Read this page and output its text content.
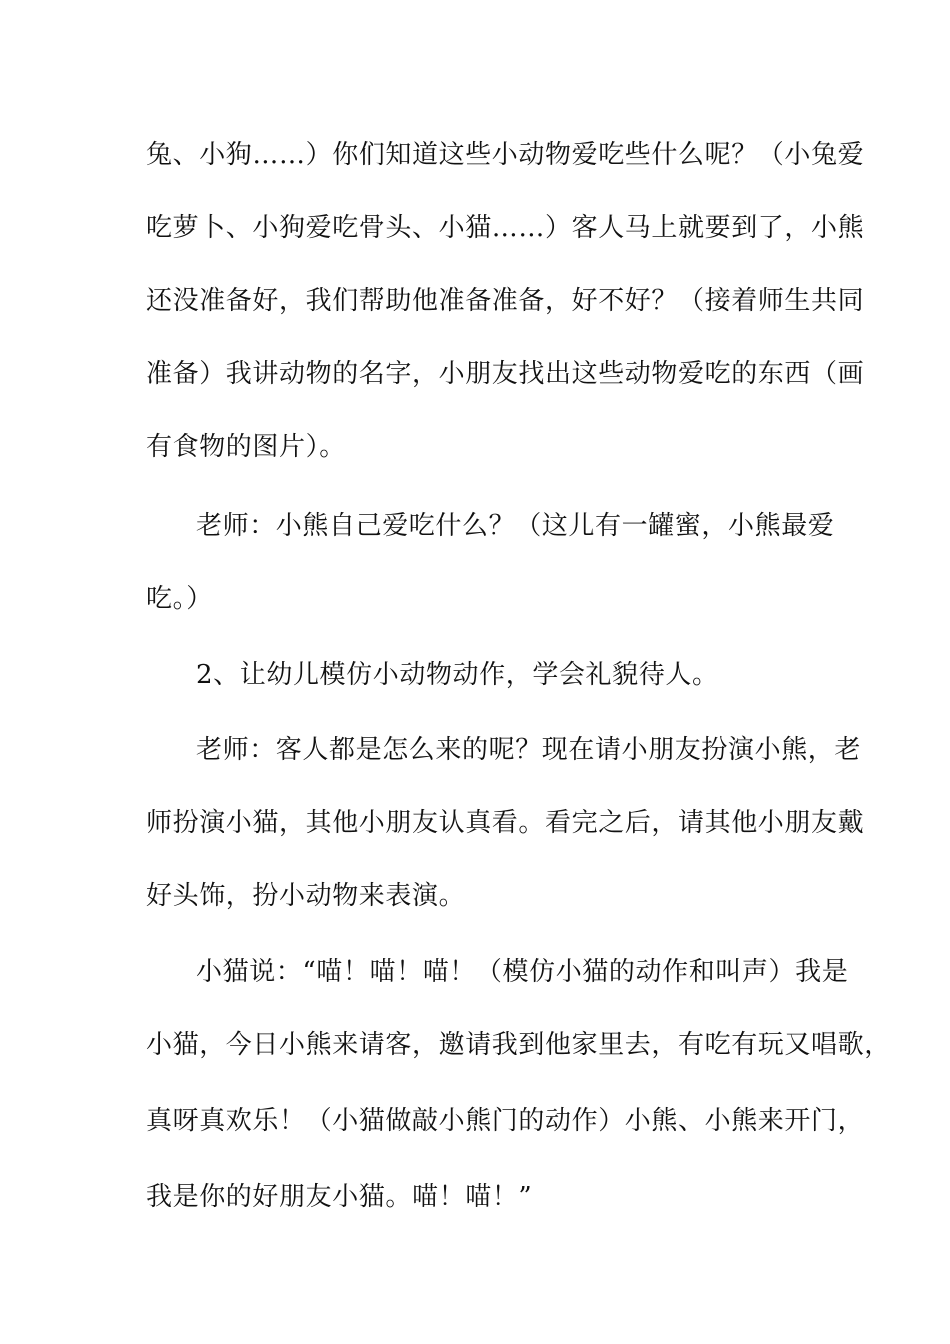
兔、小狗……）你们知道这些小动物爱吃些什么呢？（小兔爱
吃萝卜、小狗爱吃骨头、小猫……）客人马上就要到了，小熊
还没准备好，我们帮助他准备准备，好不好？（接着师生共同
准备）我讲动物的名字，小朋友找出这些动物爱吃的东西（画
有食物的图片）。
老师：小熊自己爱吃什么？（这儿有一罐蜜，小熊最爱
吃。）
2、让幼儿模仿小动物动作，学会礼貌待人。
老师：客人都是怎么来的呢？现在请小朋友扮演小熊，老
师扮演小猫，其他小朋友认真看。看完之后，请其他小朋友戴
好头饰，扮小动物来表演。
小猫说：“喵！喵！喵！（模仿小猫的动作和叫声）我是
小猫，今日小熊来请客，邀请我到他家里去，有吃有玩又唱歌，
真呀真欢乐！（小猫做敲小熊门的动作）小熊、小熊来开门，
我是你的好朋友小猫。喵！喵！”
